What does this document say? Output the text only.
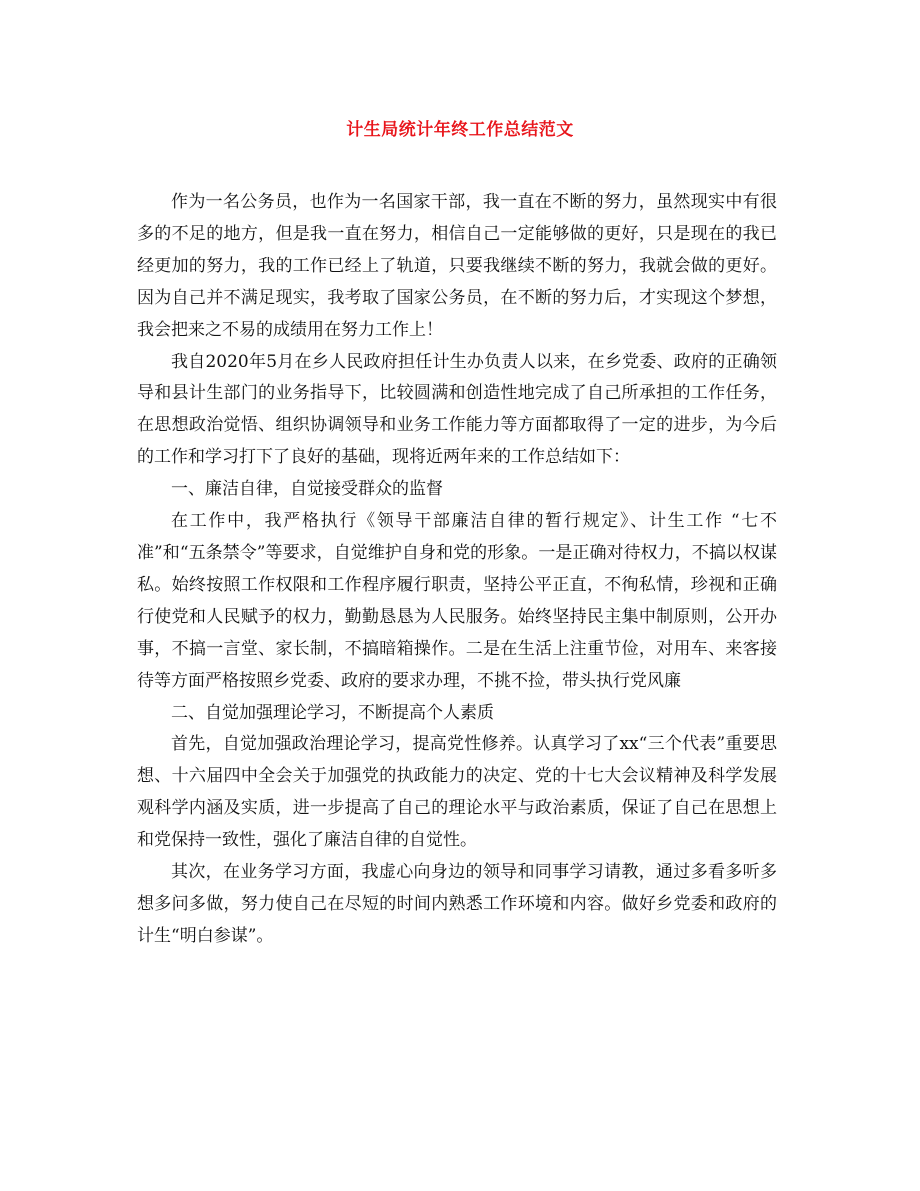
计生局统计年终工作总结范文

作为一名公务员，也作为一名国家干部，我一直在不断的努力，虽然现实中有很多的不足的地方，但是我一直在努力，相信自己一定能够做的更好，只是现在的我已经更加的努力，我的工作已经上了轨道，只要我继续不断的努力，我就会做的更好。因为自己并不满足现实，我考取了国家公务员，在不断的努力后，才实现这个梦想，我会把来之不易的成绩用在努力工作上！

我自2020年5月在乡人民政府担任计生办负责人以来，在乡党委、政府的正确领导和县计生部门的业务指导下，比较圆满和创造性地完成了自己所承担的工作任务，在思想政治觉悟、组织协调领导和业务工作能力等方面都取得了一定的进步，为今后的工作和学习打下了良好的基础，现将近两年来的工作总结如下：

一、廉洁自律，自觉接受群众的监督

在工作中，我严格执行《领导干部廉洁自律的暂行规定》、计生工作 “七不准”和“五条禁令”等要求，自觉维护自身和党的形象。一是正确对待权力，不搞以权谋私。始终按照工作权限和工作程序履行职责，坚持公平正直，不徇私情，珍视和正确行使党和人民赋予的权力，勤勤恳恳为人民服务。始终坚持民主集中制原则，公开办事，不搞一言堂、家长制，不搞暗箱操作。二是在生活上注重节俭，对用车、来客接待等方面严格按照乡党委、政府的要求办理，不挑不捡，带头执行党风廉

二、自觉加强理论学习，不断提高个人素质

首先，自觉加强政治理论学习，提高党性修养。认真学习了xx“三个代表”重要思想、十六届四中全会关于加强党的执政能力的决定、党的十七大会议精神及科学发展观科学内涵及实质，进一步提高了自己的理论水平与政治素质，保证了自己在思想上和党保持一致性，强化了廉洁自律的自觉性。

其次，在业务学习方面，我虚心向身边的领导和同事学习请教，通过多看多听多想多问多做，努力使自己在尽短的时间内熟悉工作环境和内容。做好乡党委和政府的计生“明白参谋”。
